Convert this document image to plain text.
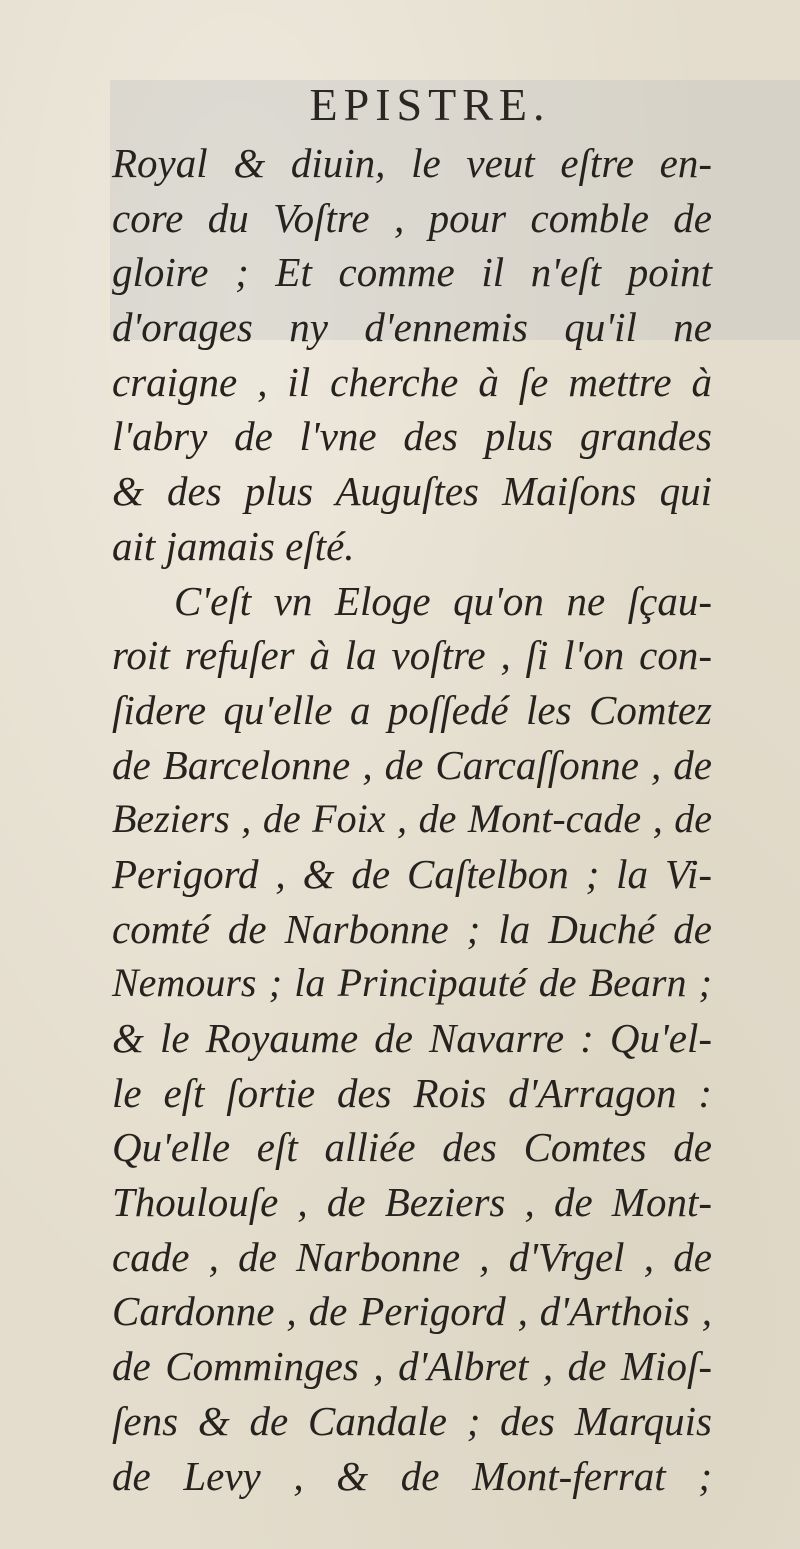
EPISTRE.
Royal & diuin, le veut eſtre en-
core du Voſtre , pour comble de
gloire ; Et comme il n'eſt point
d'orages ny d'ennemis qu'il ne
craigne , il cherche à ſe mettre à
l'abry de l'vne des plus grandes
& des plus Auguſtes Maiſons qui
ait jamais eſté.
C'eſt vn Eloge qu'on ne ſçau-
roit refuſer à la voſtre , ſi l'on con-
ſidere qu'elle a poſſedé les Comtez
de Barcelonne , de Carcaſſonne , de
Beziers , de Foix , de Mont-cade , de
Perigord , & de Caſtelbon ; la Vi-
comté de Narbonne ; la Duché de
Nemours ; la Principauté de Bearn ;
& le Royaume de Navarre : Qu'el-
le eſt ſortie des Rois d'Arragon :
Qu'elle eſt alliée des Comtes de
Thoulouſe , de Beziers , de Mont-
cade , de Narbonne , d'Vrgel , de
Cardonne , de Perigord , d'Arthois ,
de Comminges , d'Albret , de Mioſ-
ſens & de Candale ; des Marquis
de Levy , & de Mont-ferrat ;
